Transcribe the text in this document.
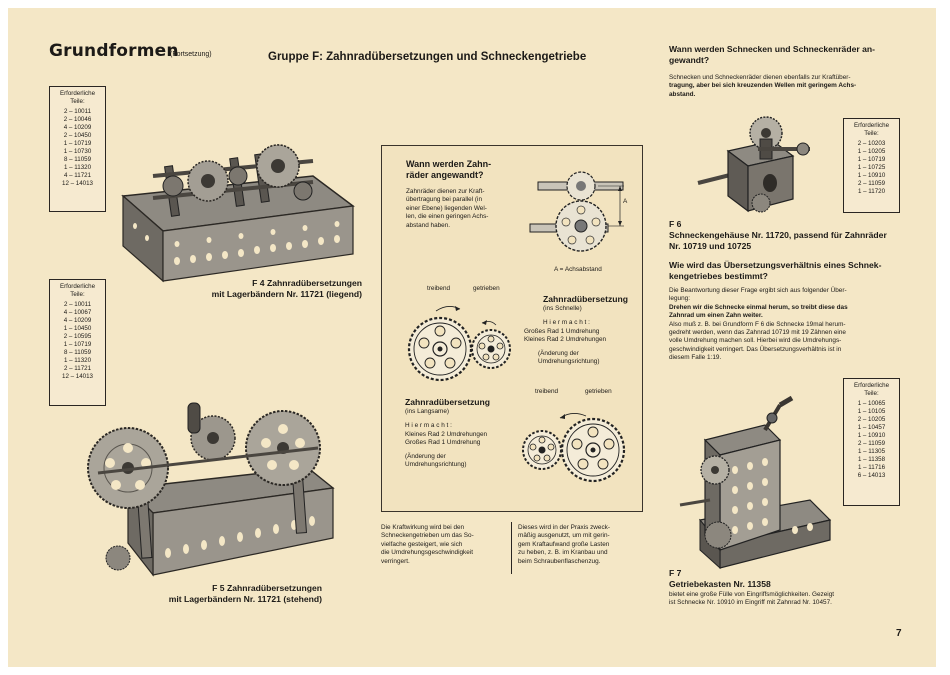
Grundformen
(Fortsetzung)	Gruppe F: Zahnradübersetzungen und Schneckengetriebe
Erforderliche
Teile:
2 – 10011
2 – 10046
4 – 10209
2 – 10450
1 – 10719
1 – 10730
8 – 11059
1 – 11320
4 – 11721
12 – 14013
Erforderliche
Teile:
2 – 10011
4 – 10067
4 – 10209
1 – 10450
2 – 10595
1 – 10719
8 – 11059
1 – 11320
2 – 11721
12 – 14013
F 4 Zahnradübersetzungen
mit Lagerbändern Nr. 11721 (liegend)
F 5 Zahnradübersetzungen
mit Lagerbändern Nr. 11721 (stehend)
Wann werden Zahn-
räder angewandt?
Zahnräder dienen zur Kraft-
übertragung bei parallel (in
einer Ebene) liegenden Wel-
len, die einen geringen Achs-
abstand haben.
A
A = Achsabstand
treibend	getrieben
Zahnradübersetzung
(ins Schnelle)
H i e r m a c h t :
Großes Rad 1 Umdrehung
Kleines Rad 2 Umdrehungen
(Änderung der
Umdrehungsrichtung)
treibend	getrieben
Zahnradübersetzung
(ins Langsame)
H i e r m a c h t :
Kleines Rad 2 Umdrehungen
Großes Rad 1 Umdrehung
(Änderung der
Umdrehungsrichtung)
Die Kraftwirkung wird bei den
Schneckengetrieben um das So-
vielfache gesteigert, wie sich
die Umdrehungsgeschwindigkeit
verringert.
Dieses wird in der Praxis zweck-
mäßig ausgenutzt, um mit gerin-
gem Kraftaufwand große Lasten
zu heben, z. B. im Kranbau und
beim Schraubenflaschenzug.
Wann werden Schnecken und Schneckenräder an-
gewandt?
Schnecken und Schneckenräder dienen ebenfalls zur Kraftüber-
tragung, aber bei sich kreuzenden Wellen mit geringem Achs-
abstand.
Erforderliche
Teile:
2 – 10203
1 – 10205
1 – 10719
1 – 10725
1 – 10910
2 – 11059
1 – 11720
F 6
Schneckengehäuse Nr. 11720, passend für Zahnräder
Nr. 10719 und 10725
Wie wird das Übersetzungsverhältnis eines Schnek-
kengetriebes bestimmt?
Die Beantwortung dieser Frage ergibt sich aus folgender Über-
legung:
Drehen wir die Schnecke einmal herum, so treibt diese das
Zahnrad um einen Zahn weiter.
Also muß z. B. bei Grundform F 6 die Schnecke 19mal herum-
gedreht werden, wenn das Zahnrad 10719 mit 19 Zähnen eine
volle Umdrehung machen soll. Hierbei wird die Umdrehungs-
geschwindigkeit verringert. Das Übersetzungsverhältnis ist in
diesem Falle 1:19.
Erforderliche
Teile:
1 – 10065
1 – 10105
2 – 10205
1 – 10457
1 – 10910
2 – 11059
1 – 11305
1 – 11358
1 – 11716
6 – 14013
F 7
Getriebekasten Nr. 11358
bietet eine große Fülle von Eingriffsmöglichkeiten. Gezeigt
ist Schnecke Nr. 10910 im Eingriff mit Zahnrad Nr. 10457.
7
